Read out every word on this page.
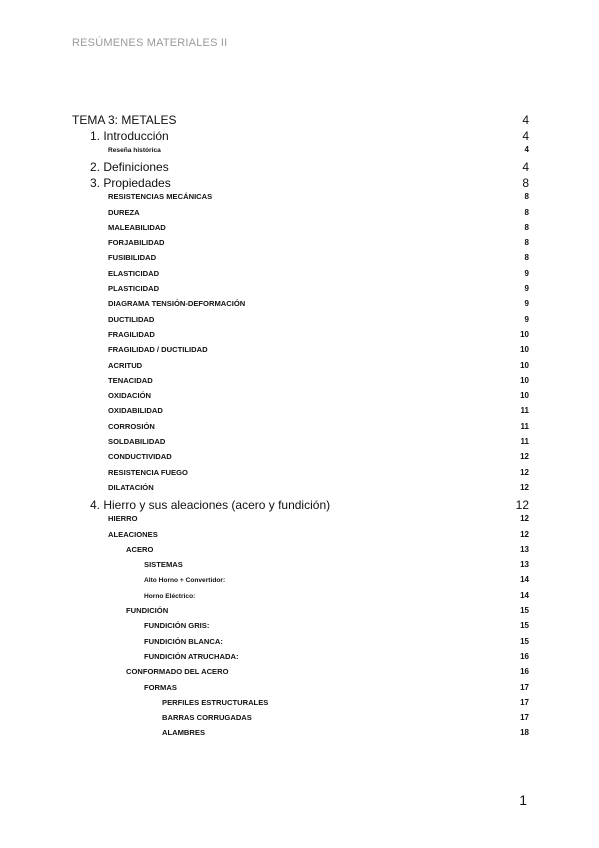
RESÚMENES MATERIALES II
TEMA 3: METALES	4
1. Introducción	4
Reseña histórica	4
2. Definiciones	4
3. Propiedades	8
RESISTENCIAS MECÁNICAS	8
DUREZA	8
MALEABILIDAD	8
FORJABILIDAD	8
FUSIBILIDAD	8
ELASTICIDAD	9
PLASTICIDAD	9
DIAGRAMA TENSIÓN-DEFORMACIÓN	9
DUCTILIDAD	9
FRAGILIDAD	10
FRAGILIDAD / DUCTILIDAD	10
ACRITUD	10
TENACIDAD	10
OXIDACIÓN	10
OXIDABILIDAD	11
CORROSIÓN	11
SOLDABILIDAD	11
CONDUCTIVIDAD	12
RESISTENCIA FUEGO	12
DILATACIÓN	12
4. Hierro y sus aleaciones (acero y fundición)	12
HIERRO	12
ALEACIONES	12
ACERO	13
SISTEMAS	13
Alto Horno + Convertidor:	14
Horno Eléctrico:	14
FUNDICIÓN	15
FUNDICIÓN GRIS:	15
FUNDICIÓN BLANCA:	15
FUNDICIÓN ATRUCHADA:	16
CONFORMADO DEL ACERO	16
FORMAS	17
PERFILES ESTRUCTURALES	17
BARRAS CORRUGADAS	17
ALAMBRES	18
1
